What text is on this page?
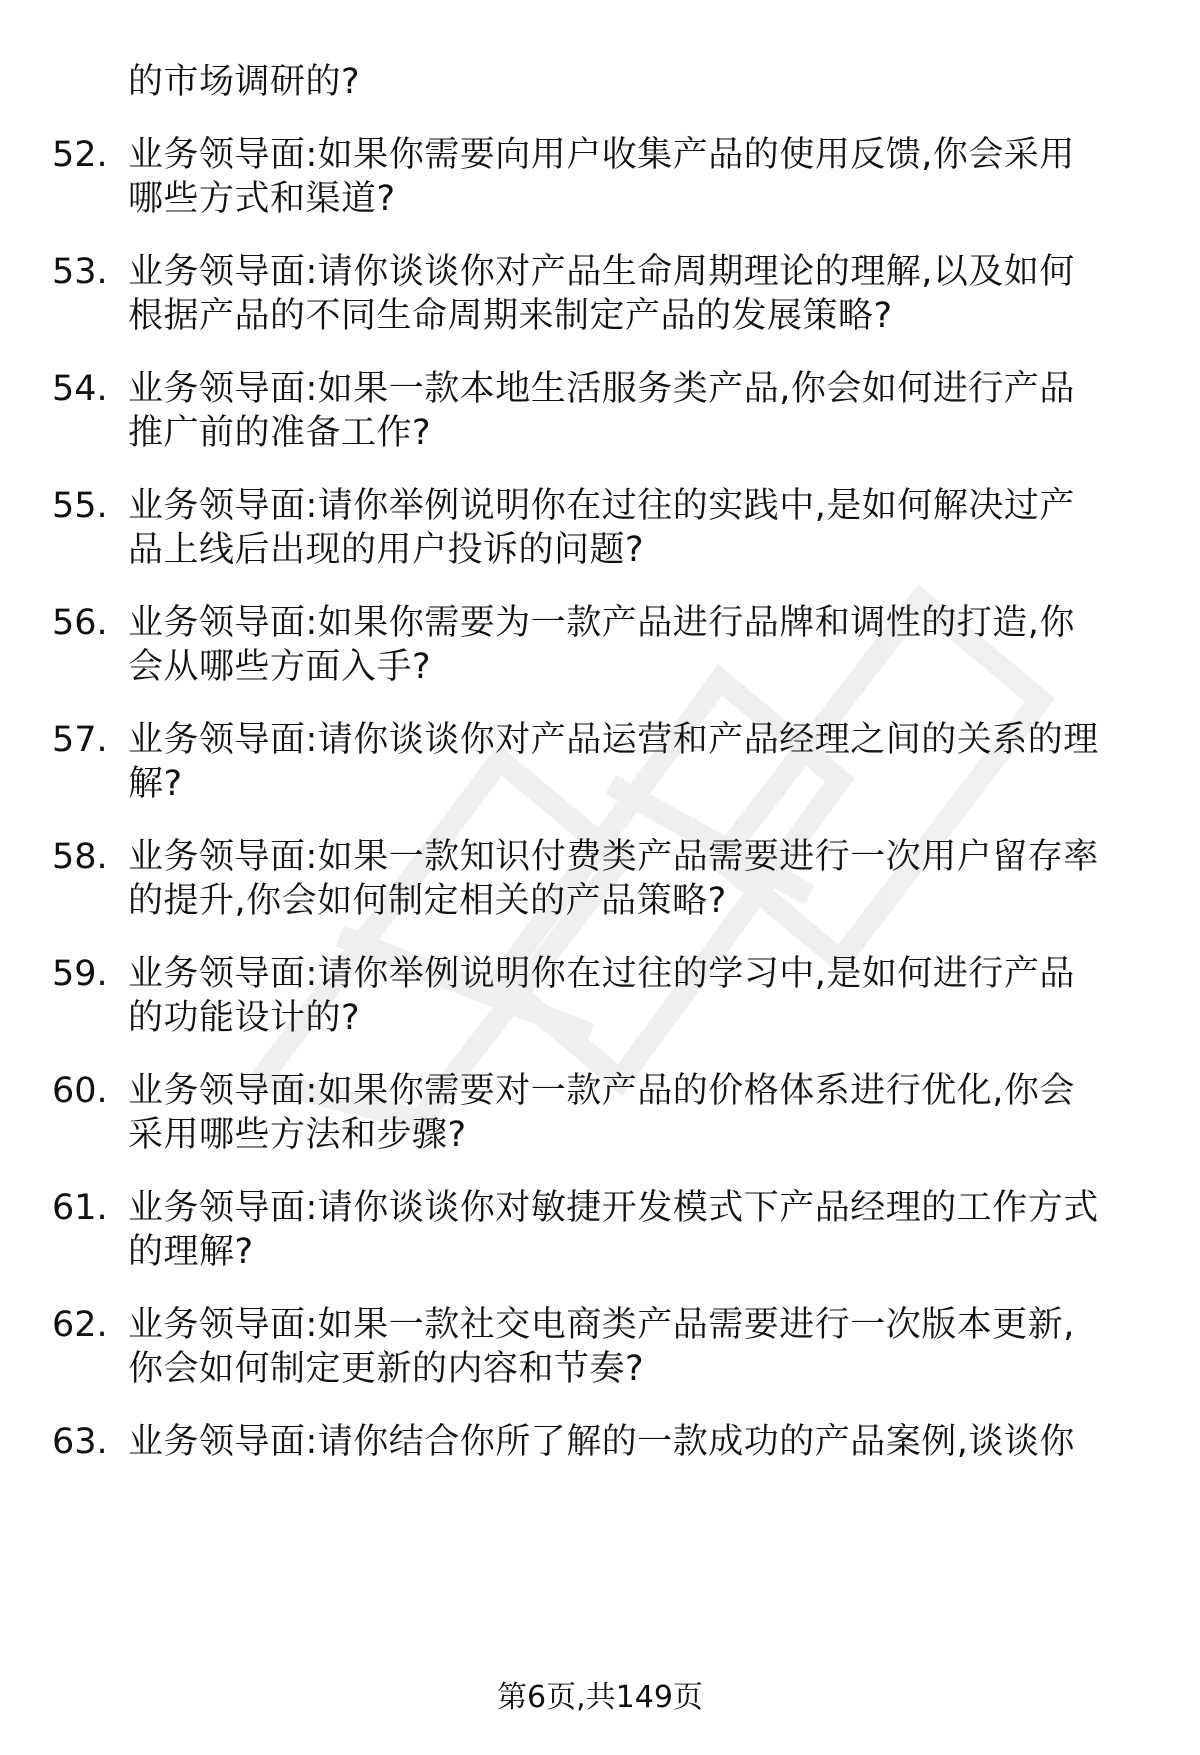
的市场调研的?
52. 业务领导面:如果你需要向用户收集产品的使用反馈,你会采用
哪些方式和渠道?
53. 业务领导面:请你谈谈你对产品生命周期理论的理解,以及如何
根据产品的不同生命周期来制定产品的发展策略?
54. 业务领导面:如果一款本地生活服务类产品,你会如何进行产品
推广前的准备工作?
55. 业务领导面:请你举例说明你在过往的实践中,是如何解决过产
品上线后出现的用户投诉的问题?
56. 业务领导面:如果你需要为一款产品进行品牌和调性的打造,你
会从哪些方面入手?
57. 业务领导面:请你谈谈你对产品运营和产品经理之间的关系的理
解?
58. 业务领导面:如果一款知识付费类产品需要进行一次用户留存率
的提升,你会如何制定相关的产品策略?
59. 业务领导面:请你举例说明你在过往的学习中,是如何进行产品
的功能设计的?
60. 业务领导面:如果你需要对一款产品的价格体系进行优化,你会
采用哪些方法和步骤?
61. 业务领导面:请你谈谈你对敏捷开发模式下产品经理的工作方式
的理解?
62. 业务领导面:如果一款社交电商类产品需要进行一次版本更新,
你会如何制定更新的内容和节奏?
63. 业务领导面:请你结合你所了解的一款成功的产品案例,谈谈你
第6页,共149页
